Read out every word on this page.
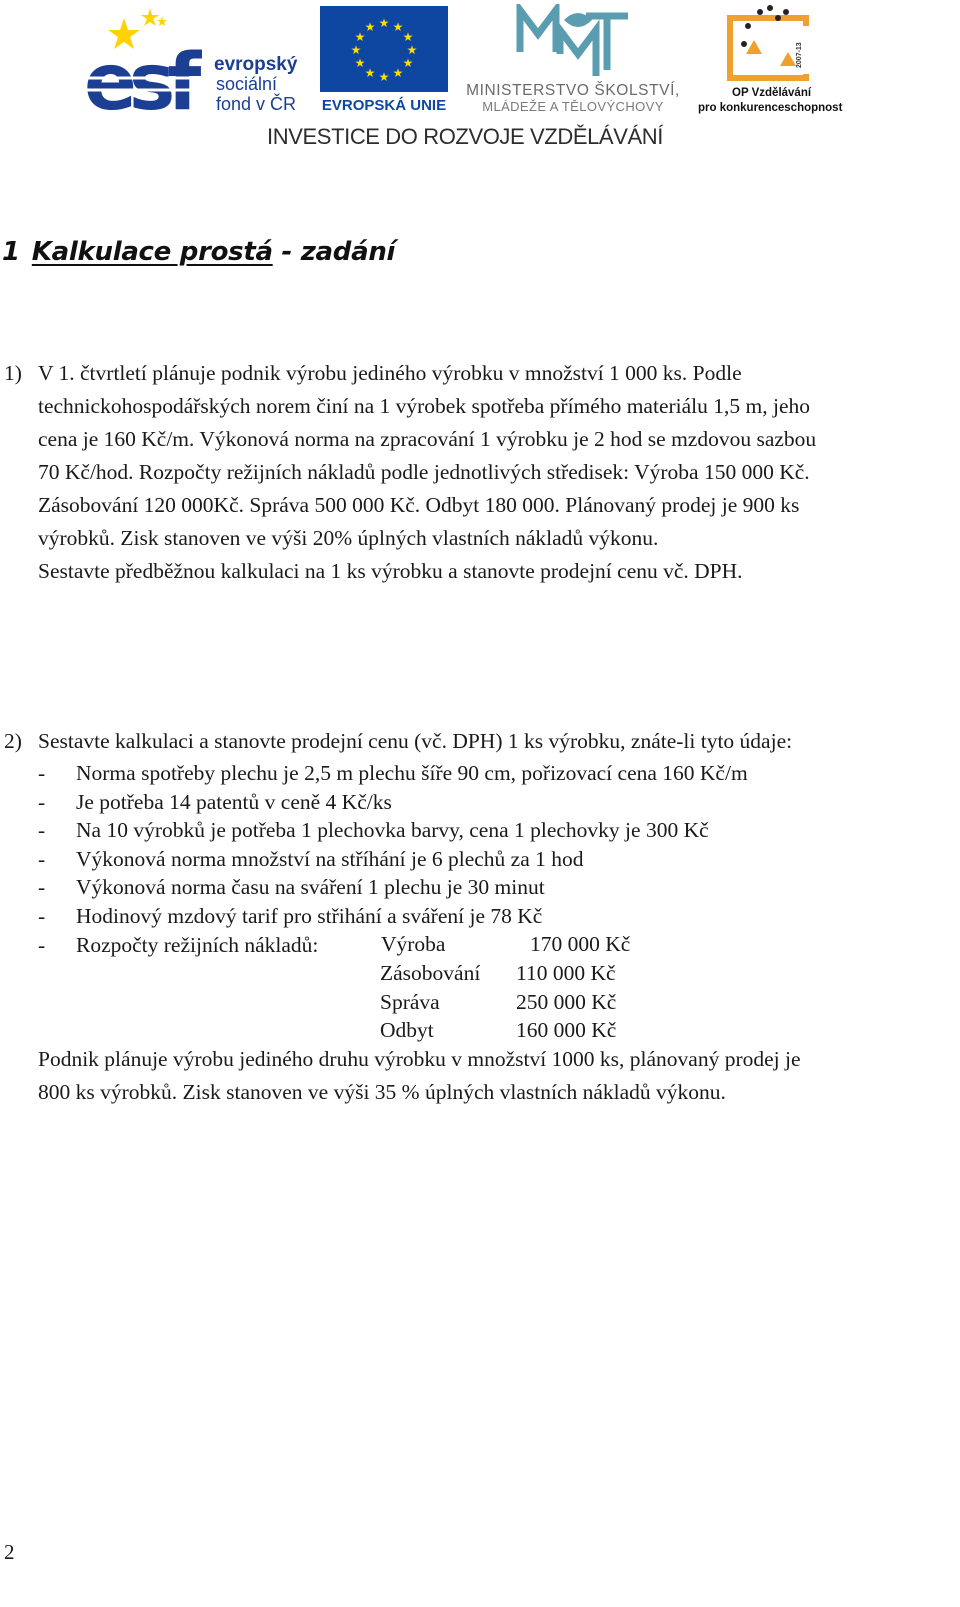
esf	evropský
sociální
fond v ČR
★ ★
★
★
★
★
★
★
★
★
★
★
EVROPSKÁ UNIE
MINISTERSTVO ŠKOLSTVÍ,
MLÁDEŽE A TĚLOVÝCHOVY
2007-13
OP Vzdělávání
pro konkurenceschopnost
INVESTICE DO ROZVOJE VZDĚLÁVÁNÍ
1 Kalkulace prostá - zadání
1) V 1. čtvrtletí plánuje podnik výrobu jediného výrobku v množství 1 000 ks. Podle
technickohospodářských norem činí na 1 výrobek spotřeba přímého materiálu 1,5 m, jeho
cena je 160 Kč/m. Výkonová norma na zpracování 1 výrobku je 2 hod se mzdovou sazbou
70 Kč/hod. Rozpočty režijních nákladů podle jednotlivých středisek: Výroba 150 000 Kč.
Zásobování 120 000Kč. Správa 500 000 Kč. Odbyt 180 000. Plánovaný prodej je 900 ks
výrobků. Zisk stanoven ve výši 20% úplných vlastních nákladů výkonu.
Sestavte předběžnou kalkulaci na 1 ks výrobku a stanovte prodejní cenu vč. DPH.
2) Sestavte kalkulaci a stanovte prodejní cenu (vč. DPH) 1 ks výrobku, znáte-li tyto údaje:
- Norma spotřeby plechu je 2,5 m plechu šíře 90 cm, pořizovací cena 160 Kč/m
- Je potřeba 14 patentů v ceně 4 Kč/ks
- Na 10 výrobků je potřeba 1 plechovka barvy, cena 1 plechovky je 300 Kč
- Výkonová norma množství na stříhání je 6 plechů za 1 hod
- Výkonová norma času na sváření 1 plechu je 30 minut
- Hodinový mzdový tarif pro střihání a sváření je 78 Kč
- Rozpočty režijních nákladů:	Výroba	170 000 Kč
Zásobování 110 000 Kč
Správa	250 000 Kč
Odbyt	160 000 Kč
Podnik plánuje výrobu jediného druhu výrobku v množství 1000 ks, plánovaný prodej je
800 ks výrobků. Zisk stanoven ve výši 35 % úplných vlastních nákladů výkonu.
2
